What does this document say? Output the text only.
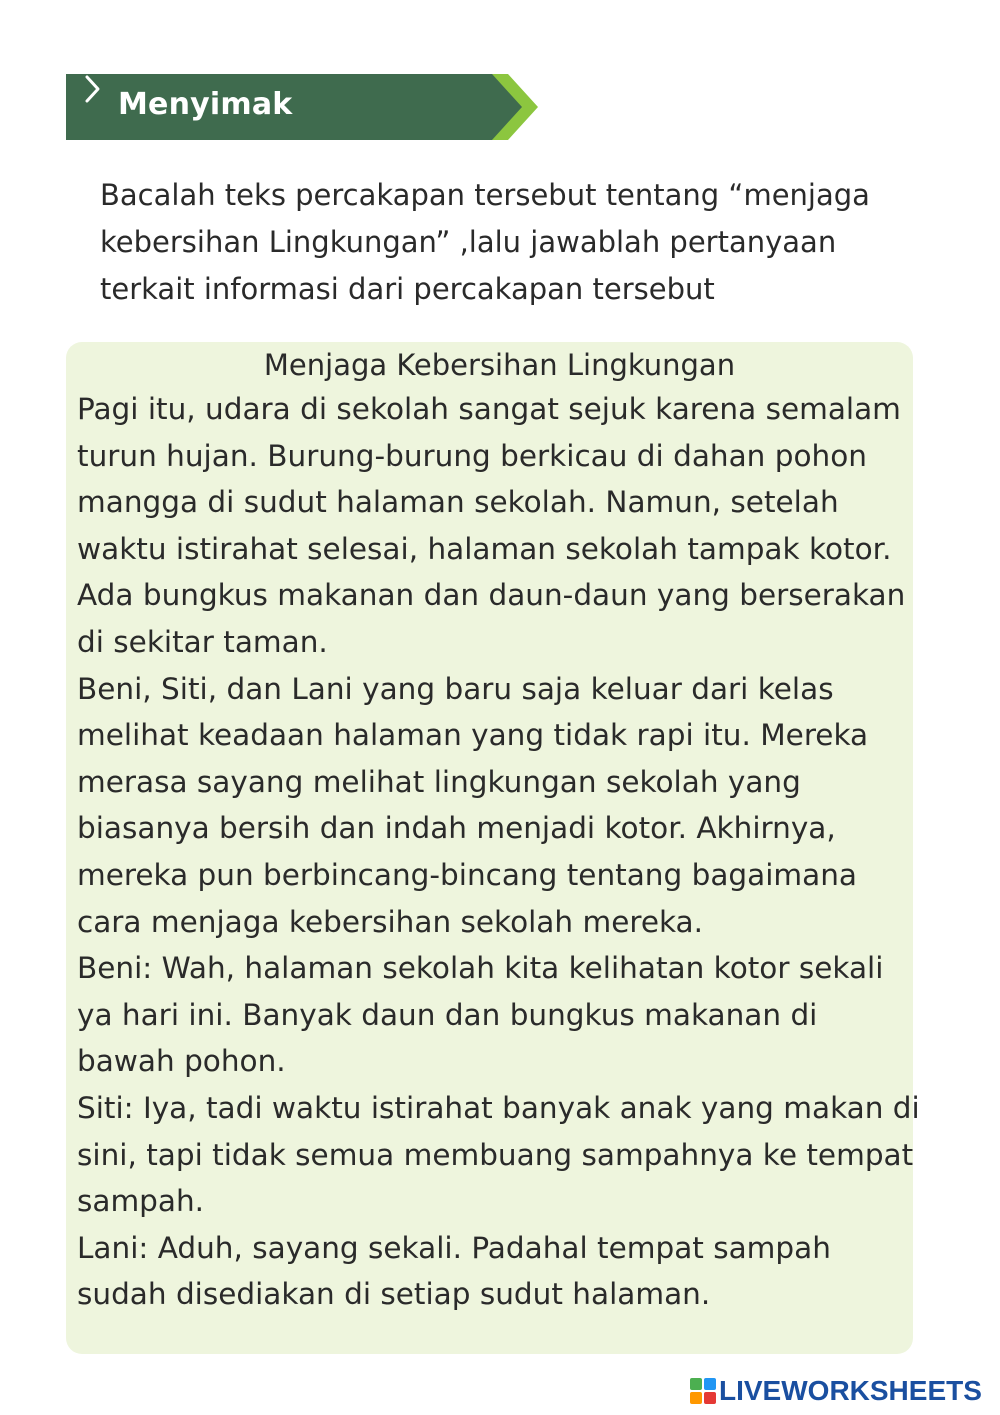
Menyimak

Bacalah teks percakapan tersebut tentang “menjaga

kebersihan Lingkungan” ,lalu jawablah pertanyaan

terkait informasi dari percakapan tersebut

Menjaga Kebersihan Lingkungan

Pagi itu, udara di sekolah sangat sejuk karena semalam

turun hujan. Burung-burung berkicau di dahan pohon

mangga di sudut halaman sekolah. Namun, setelah

waktu istirahat selesai, halaman sekolah tampak kotor.

Ada bungkus makanan dan daun-daun yang berserakan

di sekitar taman.

Beni, Siti, dan Lani yang baru saja keluar dari kelas

melihat keadaan halaman yang tidak rapi itu. Mereka

merasa sayang melihat lingkungan sekolah yang

biasanya bersih dan indah menjadi kotor. Akhirnya,

mereka pun berbincang-bincang tentang bagaimana

cara menjaga kebersihan sekolah mereka.

Beni: Wah, halaman sekolah kita kelihatan kotor sekali

ya hari ini. Banyak daun dan bungkus makanan di

bawah pohon.

Siti: Iya, tadi waktu istirahat banyak anak yang makan di

sini, tapi tidak semua membuang sampahnya ke tempat

sampah.

Lani: Aduh, sayang sekali. Padahal tempat sampah

sudah disediakan di setiap sudut halaman.

LIVEWORKSHEETS
